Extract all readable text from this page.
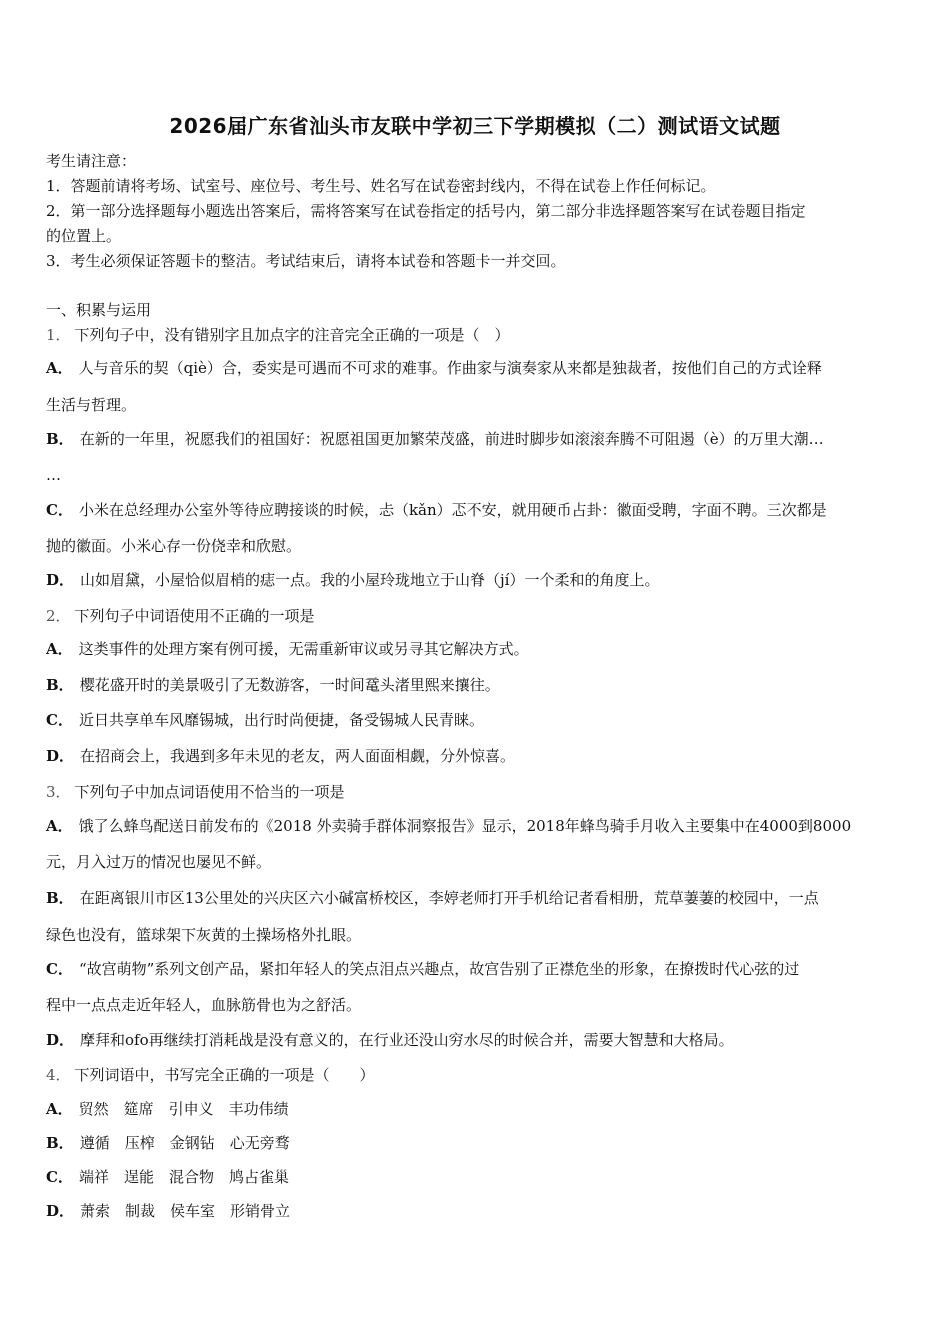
2026届广东省汕头市友联中学初三下学期模拟（二）测试语文试题
考生请注意：
1．答题前请将考场、试室号、座位号、考生号、姓名写在试卷密封线内，不得在试卷上作任何标记。
2．第一部分选择题每小题选出答案后，需将答案写在试卷指定的括号内，第二部分非选择题答案写在试卷题目指定
的位置上。
3．考生必须保证答题卡的整洁。考试结束后，请将本试卷和答题卡一并交回。
一、积累与运用
1． 下列句子中，没有错别字且加点字的注音完全正确的一项是（　）
A． 人与音乐的契（qiè）合，委实是可遇而不可求的难事。作曲家与演奏家从来都是独裁者，按他们自己的方式诠释
生活与哲理。
B． 在新的一年里，祝愿我们的祖国好：祝愿祖国更加繁荣茂盛，前进时脚步如滚滚奔腾不可阻遏（è）的万里大潮…
…
C． 小米在总经理办公室外等待应聘接谈的时候，忐（kǎn）忑不安，就用硬币占卦：徽面受聘，字面不聘。三次都是
抛的徽面。小米心存一份侥幸和欣慰。
D． 山如眉黛，小屋恰似眉梢的痣一点。我的小屋玲珑地立于山脊（jí）一个柔和的角度上。
2． 下列句子中词语使用不正确的一项是
A． 这类事件的处理方案有例可援，无需重新审议或另寻其它解决方式。
B． 樱花盛开时的美景吸引了无数游客，一时间鼋头渚里熙来攘往。
C． 近日共享单车风靡锡城，出行时尚便捷，备受锡城人民青睐。
D． 在招商会上，我遇到多年未见的老友，两人面面相觑，分外惊喜。
3． 下列句子中加点词语使用不恰当的一项是
A． 饿了么蜂鸟配送日前发布的《2018 外卖骑手群体洞察报告》显示，2018年蜂鸟骑手月收入主要集中在4000到8000
元，月入过万的情况也屡见不鲜。
B． 在距离银川市区13公里处的兴庆区六小碱富桥校区，李婷老师打开手机给记者看相册，荒草萋萋的校园中，一点
绿色也没有，篮球架下灰黄的土操场格外扎眼。
C． “故宫萌物”系列文创产品，紧扣年轻人的笑点泪点兴趣点，故宫告别了正襟危坐的形象，在撩拨时代心弦的过
程中一点点走近年轻人，血脉筋骨也为之舒活。
D． 摩拜和ofo再继续打消耗战是没有意义的，在行业还没山穷水尽的时候合并，需要大智慧和大格局。
4． 下列词语中，书写完全正确的一项是（　　）
A． 贸然　筵席　引申义　丰功伟绩
B． 遵循　压榨　金钢钻　心无旁骛
C． 端祥　逞能　混合物　鸠占雀巢
D． 萧索　制裁　侯车室　形销骨立
